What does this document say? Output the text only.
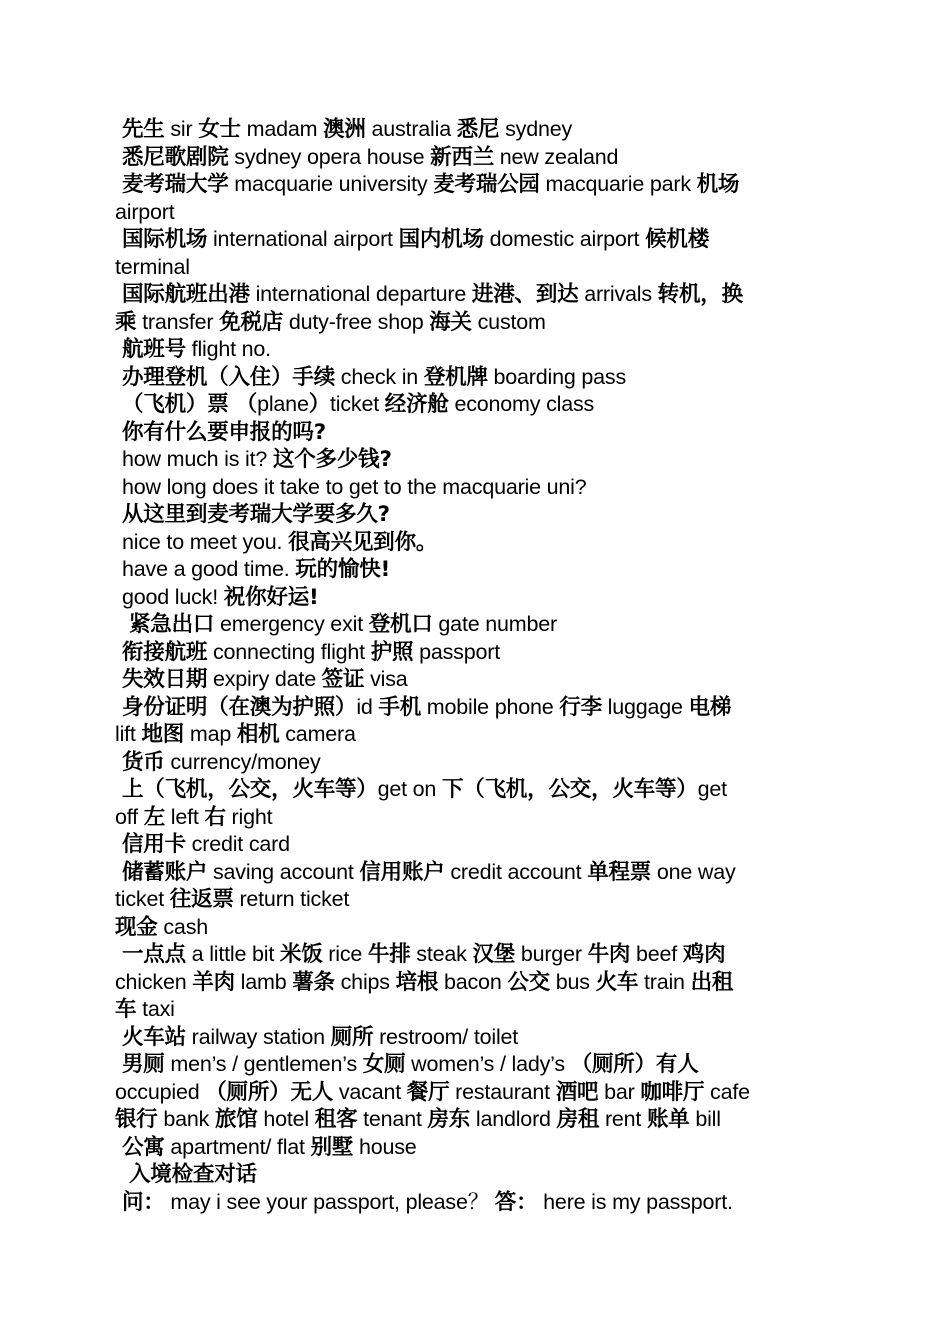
先生 sir 女士 madam 澳洲 australia 悉尼 sydney
悉尼歌剧院 sydney opera house 新西兰 new zealand
麦考瑞大学 macquarie university 麦考瑞公园 macquarie park 机场
airport
国际机场 international airport 国内机场 domestic airport 候机楼
terminal
国际航班出港 international departure 进港、到达 arrivals 转机，换
乘 transfer 免税店 duty-free shop 海关 custom
航班号 flight no.
办理登机（入住）手续 check in 登机牌 boarding pass
（飞机）票 （plane）ticket 经济舱 economy class
你有什么要申报的吗?
how much is it? 这个多少钱?
how long does it take to get to the macquarie uni?
从这里到麦考瑞大学要多久?
nice to meet you. 很高兴见到你。
have a good time. 玩的愉快!
good luck! 祝你好运!
紧急出口 emergency exit 登机口 gate number
衔接航班 connecting flight 护照 passport
失效日期 expiry date 签证 visa
身份证明（在澳为护照）id 手机 mobile phone 行李 luggage 电梯
lift 地图 map 相机 camera
货币 currency/money
上（飞机，公交，火车等）get on 下（飞机，公交，火车等）get
off 左 left 右 right
信用卡 credit card
储蓄账户 saving account 信用账户 credit account 单程票 one way
ticket 往返票 return ticket
现金 cash
一点点 a little bit 米饭 rice 牛排 steak 汉堡 burger 牛肉 beef 鸡肉
chicken 羊肉 lamb 薯条 chips 培根 bacon 公交 bus 火车 train 出租
车 taxi
火车站 railway station 厕所 restroom/ toilet
男厕 men’s / gentlemen’s 女厕 women’s / lady’s （厕所）有人
occupied （厕所）无人 vacant 餐厅 restaurant 酒吧 bar 咖啡厅 cafe
银行 bank 旅馆 hotel 租客 tenant 房东 landlord 房租 rent 账单 bill
公寓 apartment/ flat 别墅 house
入境检查对话
问： may i see your passport, please？ 答： here is my passport.
